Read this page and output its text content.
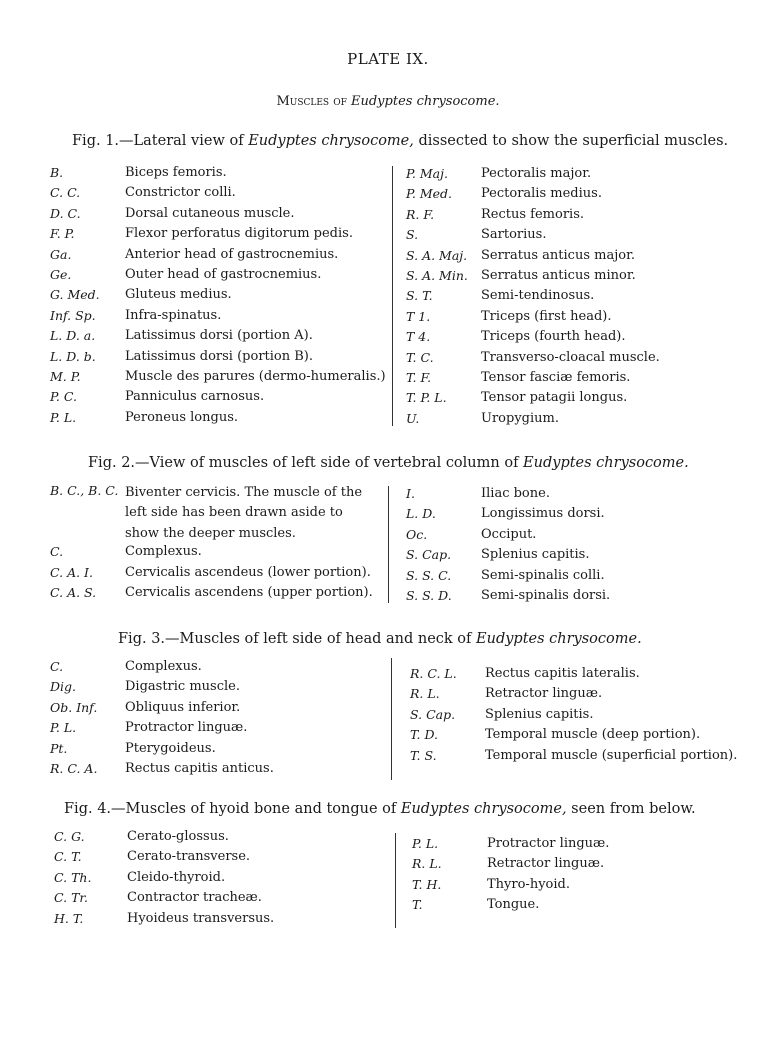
PLATE IX.
Muscles of Eudyptes chrysocome.
Fig. 1.—Lateral view of Eudyptes chrysocome, dissected to show the superficial muscles.
B.	Biceps femoris.
C. C.	Constrictor colli.
D. C.	Dorsal cutaneous muscle.
F. P.	Flexor perforatus digitorum pedis.
Ga.	Anterior head of gastrocnemius.
Ge.	Outer head of gastrocnemius.
G. Med. Gluteus medius.
Inf. Sp. Infra-spinatus.
L. D. a. Latissimus dorsi (portion A).
L. D. b. Latissimus dorsi (portion B).
M. P.	Muscle des parures (dermo-humeralis.)
P. C.	Panniculus carnosus.
P. L.	Peroneus longus.
P. Maj.	Pectoralis major.
P. Med. Pectoralis medius.
R. F.	Rectus femoris.
S.	Sartorius.
S. A. Maj. Serratus anticus major.
S. A. Min. Serratus anticus minor.
S. T.	Semi-tendinosus.
T 1.	Triceps (first head).
T 4.	Triceps (fourth head).
T. C.	Transverso-cloacal muscle.
T. F.	Tensor fasciæ femoris.
T. P. L.	Tensor patagii longus.
U.	Uropygium.
Fig. 2.—View of muscles of left side of vertebral column of Eudyptes chrysocome.
B. C., B. C. Biventer cervicis. The muscle of the left side has been drawn aside to show the deeper muscles.
C.	Complexus.
C. A. I. Cervicalis ascendeus (lower portion).
C. A. S. Cervicalis ascendens (upper portion).
I.	Iliac bone.
L. D.	Longissimus dorsi.
Oc.	Occiput.
S. Cap. Splenius capitis.
S. S. C. Semi-spinalis colli.
S. S. D. Semi-spinalis dorsi.
Fig. 3.—Muscles of left side of head and neck of Eudyptes chrysocome.
C.	Complexus.
Dig.	Digastric muscle.
Ob. Inf. Obliquus inferior.
P. L.	Protractor linguæ.
Pt.	Pterygoideus.
R. C. A. Rectus capitis anticus.
R. C. L. Rectus capitis lateralis.
R. L.	Retractor linguæ.
S. Cap. Splenius capitis.
T. D.	Temporal muscle (deep portion).
T. S.	Temporal muscle (superficial portion).
Fig. 4.—Muscles of hyoid bone and tongue of Eudyptes chrysocome, seen from below.
C. G.	Cerato-glossus.
C. T.	Cerato-transverse.
C. Th.	Cleido-thyroid.
C. Tr.	Contractor tracheæ.
H. T.	Hyoideus transversus.
P. L.	Protractor linguæ.
R. L.	Retractor linguæ.
T. H.	Thyro-hyoid.
T.	Tongue.
